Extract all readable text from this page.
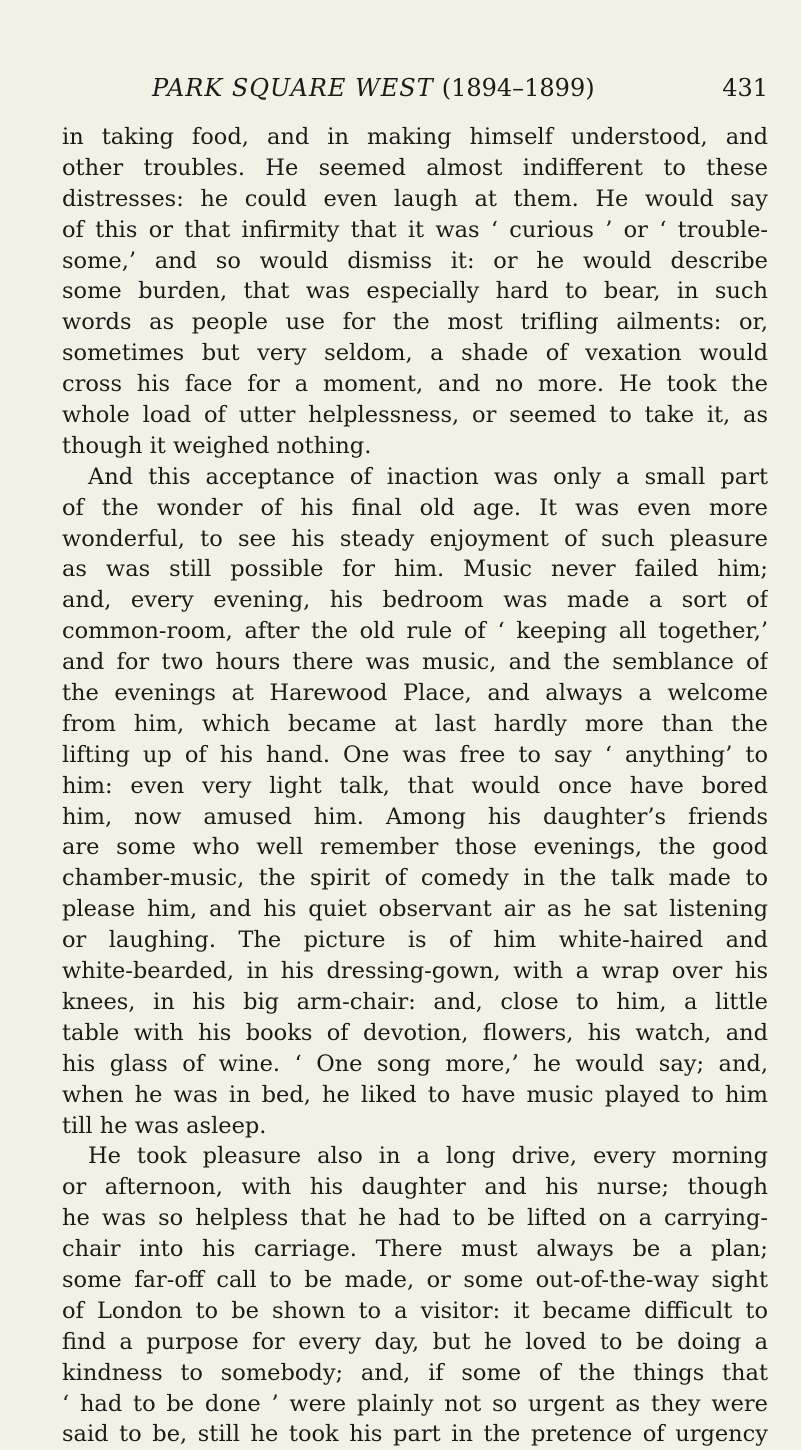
PARK SQUARE WEST (1894–1899)	431
in taking food, and in making himself understood, and
other troubles. He seemed almost indifferent to these
distresses: he could even laugh at them. He would say
of this or that infirmity that it was ‘ curious ’ or ‘ trouble-
some,’ and so would dismiss it: or he would describe
some burden, that was especially hard to bear, in such
words as people use for the most trifling ailments: or,
sometimes but very seldom, a shade of vexation would
cross his face for a moment, and no more. He took the
whole load of utter helplessness, or seemed to take it, as
though it weighed nothing.
And this acceptance of inaction was only a small part
of the wonder of his final old age. It was even more
wonderful, to see his steady enjoyment of such pleasure
as was still possible for him. Music never failed him;
and, every evening, his bedroom was made a sort of
common-room, after the old rule of ‘ keeping all together,’
and for two hours there was music, and the semblance of
the evenings at Harewood Place, and always a welcome
from him, which became at last hardly more than the
lifting up of his hand. One was free to say ‘ anything’ to
him: even very light talk, that would once have bored
him, now amused him. Among his daughter’s friends
are some who well remember those evenings, the good
chamber-music, the spirit of comedy in the talk made to
please him, and his quiet observant air as he sat listening
or laughing. The picture is of him white-haired and
white-bearded, in his dressing-gown, with a wrap over his
knees, in his big arm-chair: and, close to him, a little
table with his books of devotion, flowers, his watch, and
his glass of wine. ‘ One song more,’ he would say; and,
when he was in bed, he liked to have music played to him
till he was asleep.
He took pleasure also in a long drive, every morning
or afternoon, with his daughter and his nurse; though
he was so helpless that he had to be lifted on a carrying-
chair into his carriage. There must always be a plan;
some far-off call to be made, or some out-of-the-way sight
of London to be shown to a visitor: it became difficult to
find a purpose for every day, but he loved to be doing a
kindness to somebody; and, if some of the things that
‘ had to be done ’ were plainly not so urgent as they were
said to be, still he took his part in the pretence of urgency
